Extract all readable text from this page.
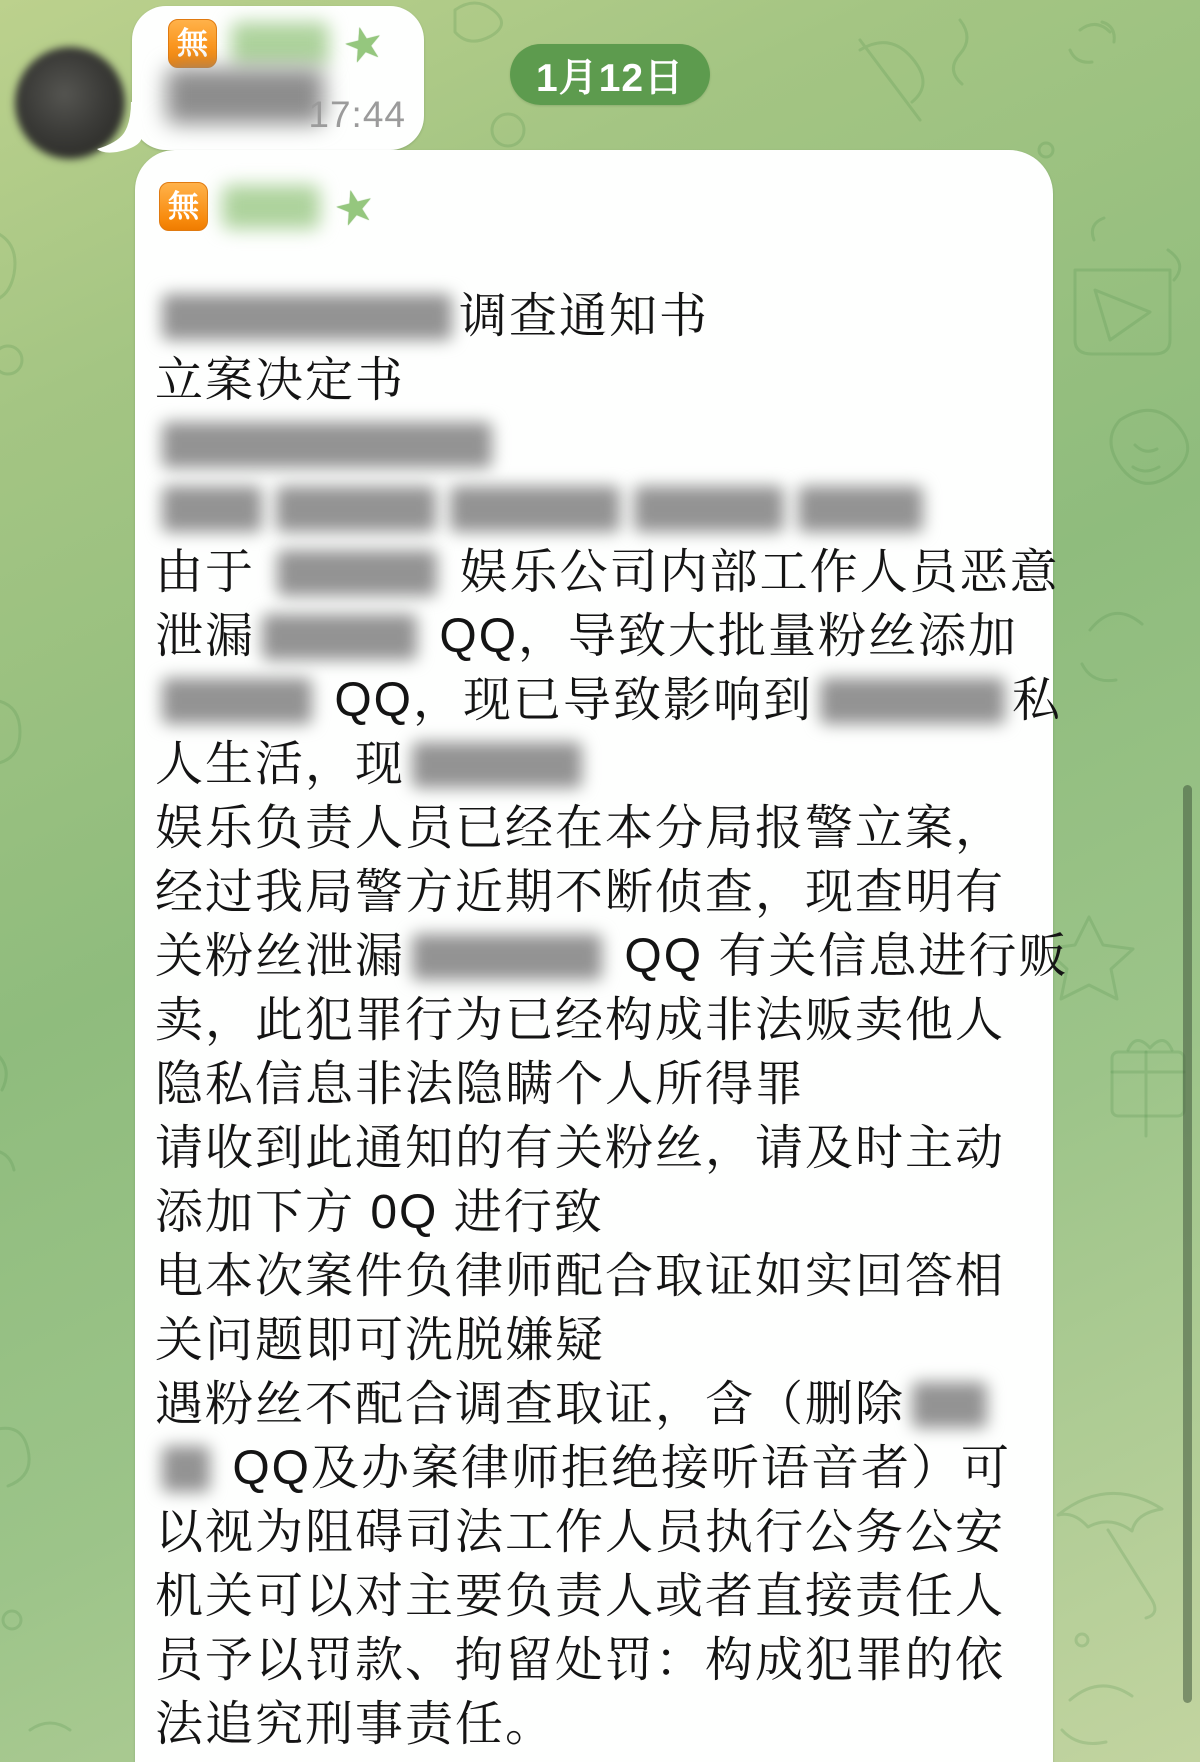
無	★
17:44
1月12日
無	★
调查通知书
立案决定书
由于	娱乐公司内部工作人员恶意
泄漏	QQ，导致大批量粉丝添加
QQ，现已导致影响到	私
人生活，现
娱乐负责人员已经在本分局报警立案，
经过我局警方近期不断侦查，现查明有
关粉丝泄漏	QQ 有关信息进行贩
卖，此犯罪行为已经构成非法贩卖他人
隐私信息非法隐瞒个人所得罪
请收到此通知的有关粉丝，请及时主动
添加下方 0Q 进行致
电本次案件负律师配合取证如实回答相
关问题即可洗脱嫌疑
遇粉丝不配合调查取证，含（删除
QQ及办案律师拒绝接听语音者）可
以视为阻碍司法工作人员执行公务公安
机关可以对主要负责人或者直接责任人
员予以罚款、拘留处罚：构成犯罪的依
法追究刑事责任。
